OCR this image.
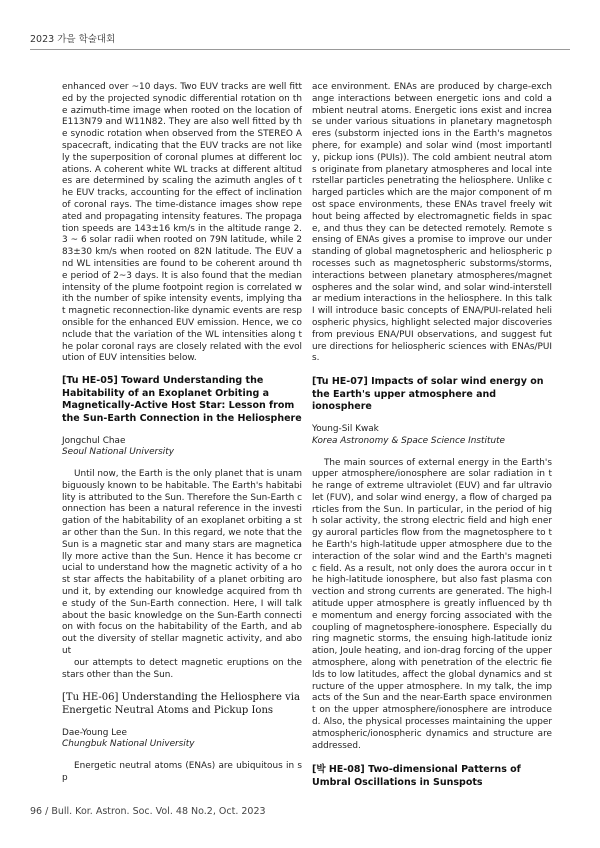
2023 가을 학술대회

enhanced over ~10 days. Two EUV tracks are well fitted by the projected synodic differential rotation on the azimuth-time image when rooted on the location of E113N79 and W11N82. They are also well fitted by the synodic rotation when observed from the STEREO A spacecraft, indicating that the EUV tracks are not likely the superposition of coronal plumes at different locations. A coherent white WL tracks at different altitudes are determined by scaling the azimuth angles of the EUV tracks, accounting for the effect of inclination of coronal rays. The time-distance images show repeated and propagating intensity features. The propagation speeds are 143±16 km/s in the altitude range 2.3 ~ 6 solar radii when rooted on 79N latitude, while 283±30 km/s when rooted on 82N latitude. The EUV and WL intensities are found to be coherent around the period of 2~3 days. It is also found that the median intensity of the plume footpoint region is correlated with the number of spike intensity events, implying that magnetic reconnection-like dynamic events are responsible for the enhanced EUV emission. Hence, we conclude that the variation of the WL intensities along the polar coronal rays are closely related with the evolution of EUV intensities below.

[Tu HE-05] Toward Understanding the Habitability of an Exoplanet Orbiting a Magnetically-Active Host Star: Lesson from the Sun-Earth Connection in the Heliosphere

Jongchul Chae

Seoul National University

Until now, the Earth is the only planet that is unambiguously known to be habitable. The Earth's habitability is attributed to the Sun. Therefore the Sun-Earth connection has been a natural reference in the investigation of the habitability of an exoplanet orbiting a star other than the Sun. In this regard, we note that the Sun is a magnetic star and many stars are magnetically more active than the Sun. Hence it has become crucial to understand how the magnetic activity of a host star affects the habitability of a planet orbiting around it, by extending our knowledge acquired from the study of the Sun-Earth connection. Here, I will talk about the basic knowledge on the Sun-Earth connection with focus on the habitability of the Earth, and about the diversity of stellar magnetic activity, and about

our attempts to detect magnetic eruptions on the stars other than the Sun.

[Tu HE-06] Understanding the Heliosphere via Energetic Neutral Atoms and Pickup Ions

Dae-Young Lee

Chungbuk National University

Energetic neutral atoms (ENAs) are ubiquitous in sp

ace environment. ENAs are produced by charge-exchange interactions between energetic ions and cold ambient neutral atoms. Energetic ions exist and increase under various situations in planetary magnetospheres (substorm injected ions in the Earth's magnetosphere, for example) and solar wind (most importantly, pickup ions (PUIs)). The cold ambient neutral atoms originate from planetary atmospheres and local interstellar particles penetrating the heliosphere. Unlike charged particles which are the major component of most space environments, these ENAs travel freely without being affected by electromagnetic fields in space, and thus they can be detected remotely. Remote sensing of ENAs gives a promise to improve our understanding of global magnetospheric and heliospheric processes such as magnetospheric substorms/storms, interactions between planetary atmospheres/magnetospheres and the solar wind, and solar wind-interstellar medium interactions in the heliosphere. In this talk I will introduce basic concepts of ENA/PUI-related heliospheric physics, highlight selected major discoveries from previous ENA/PUI observations, and suggest future directions for heliospheric sciences with ENAs/PUIs.

[Tu HE-07] Impacts of solar wind energy on the Earth's upper atmosphere and ionosphere

Young-Sil Kwak

Korea Astronomy & Space Science Institute

The main sources of external energy in the Earth's upper atmosphere/ionosphere are solar radiation in the range of extreme ultraviolet (EUV) and far ultraviolet (FUV), and solar wind energy, a flow of charged particles from the Sun. In particular, in the period of high solar activity, the strong electric field and high energy auroral particles flow from the magnetosphere to the Earth's high-latitude upper atmosphere due to the interaction of the solar wind and the Earth's magnetic field. As a result, not only does the aurora occur in the high-latitude ionosphere, but also fast plasma convection and strong currents are generated. The high-latitude upper atmosphere is greatly influenced by the momentum and energy forcing associated with the coupling of magnetosphere-ionosphere. Especially during magnetic storms, the ensuing high-latitude ionization, Joule heating, and ion-drag forcing of the upper atmosphere, along with penetration of the electric fields to low latitudes, affect the global dynamics and structure of the upper atmosphere. In my talk, the impacts of the Sun and the near-Earth space environment on the upper atmosphere/ionosphere are introduced. Also, the physical processes maintaining the upper atmospheric/ionospheric dynamics and structure are addressed.

[박 HE-08] Two-dimensional Patterns of Umbral Oscillations in Sunspots

96 / Bull. Kor. Astron. Soc. Vol. 48 No.2, Oct. 2023
